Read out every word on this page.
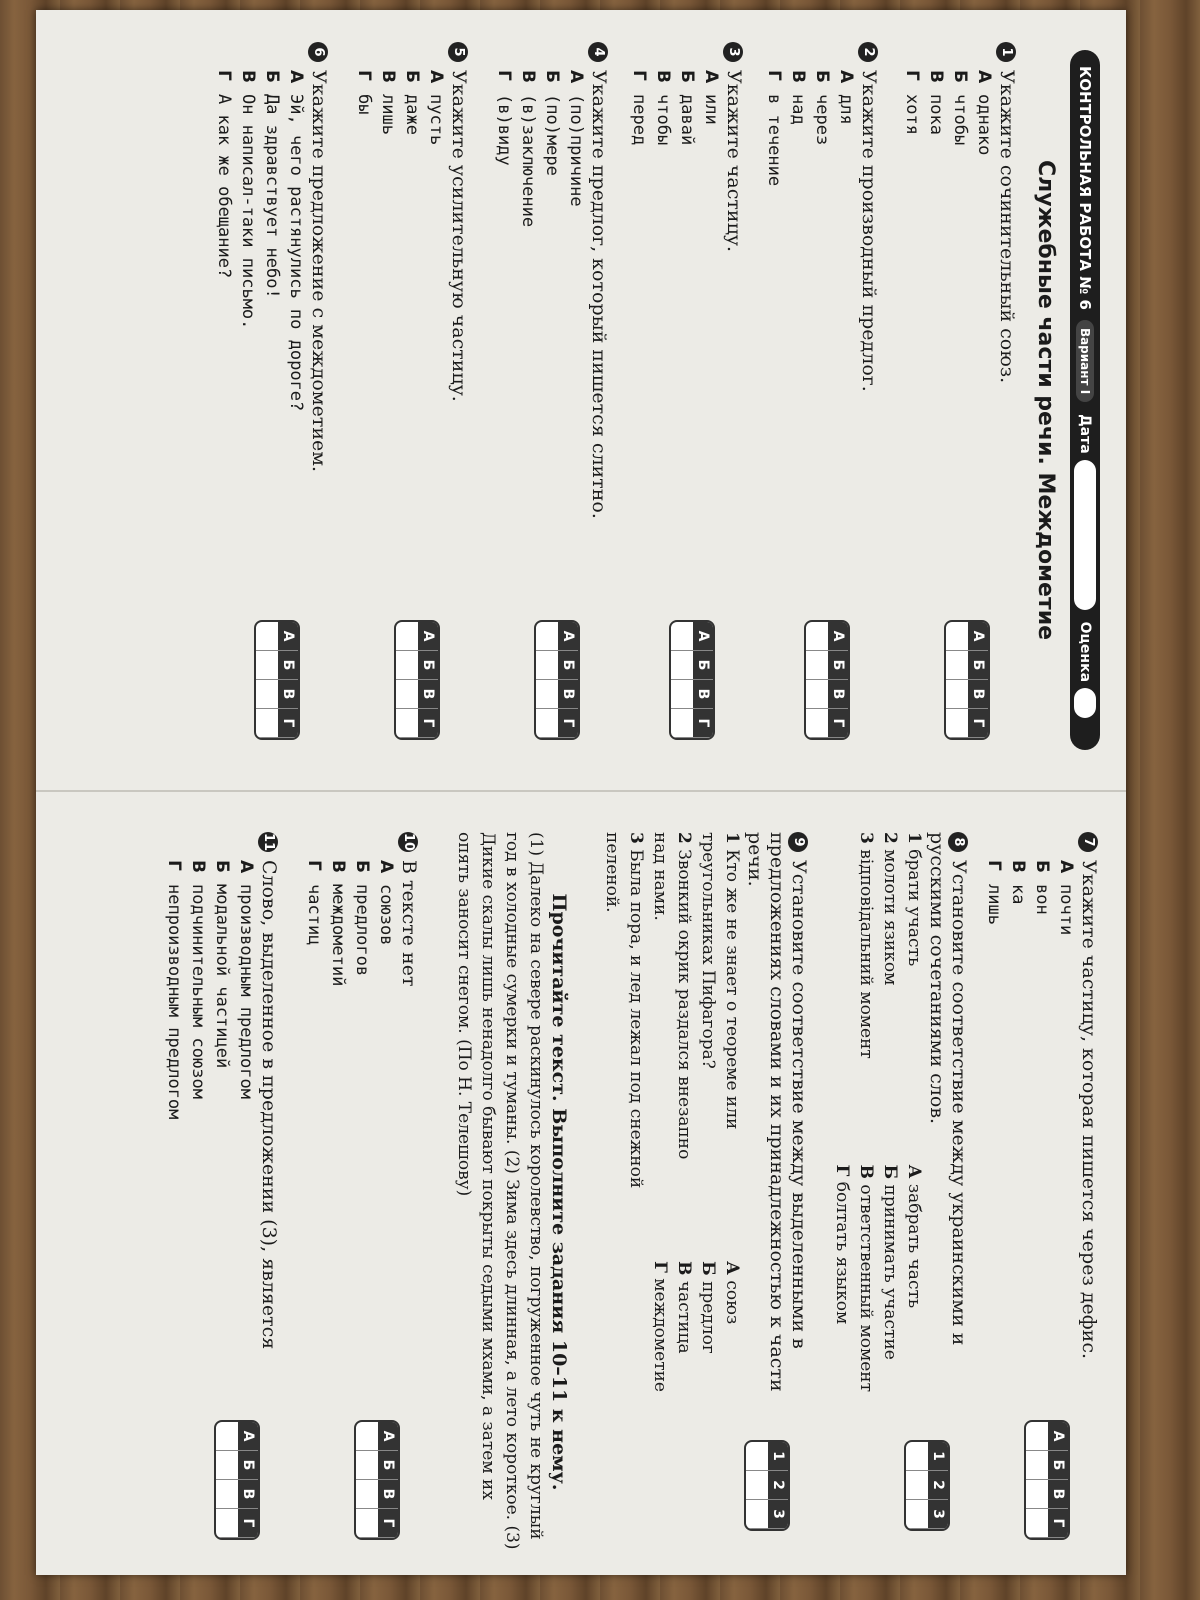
КОНТРОЛЬНАЯ РАБОТА № 6
Вариант I
Дата
Оценка
Служебные части речи. Междометие
1Укажите сочинительный союз.
Аоднако
Бчтобы
Впока
Гхотя
А
Б
В
Г
2Укажите производный предлог.
Адля
Бчерез
Внад
Гв течение
А
Б
В
Г
3Укажите частицу.
Аили
Бдавай
Вчтобы
Гперед
А
Б
В
Г
4Укажите предлог, который пишется слитно.
А(по)причине
Б(по)мере
В(в)заключение
Г(в)виду
А
Б
В
Г
5Укажите усилительную частицу.
Апусть
Бдаже
Влишь
Гбы
А
Б
В
Г
6Укажите предложение с междометием.
АЭй, чего растянулись по дороге?
БДа здравствует небо!
ВОн написал-таки письмо.
ГА как же обещание?
А
Б
В
Г
7Укажите частицу, которая пишется через дефис.
Апочти
Бвон
Вка
Глишь
А
Б
В
Г
8Установите соответствие между украинскими и русскими сочетаниями слов.
1 брати участь
2 молоти язиком
3 відповідальний момент
А забрать часть
Б принимать участие
В ответственный момент
Г болтать языком
1
2
3
9Установите соответствие между выделенными в предложениях словами и их принадлежностью к части речи.
1 Кто же не знает о теореме или треугольниках Пифагора?
2 Звонкий окрик раздался внезапно над нами.
3 Была пора, и лед лежал под снежной пеленой.
А союз
Б предлог
В частица
Г междометие
1
2
3
Прочитайте текст. Выполните задания 10–11 к нему.
(1) Далеко на севере раскинулось королевство, погруженное чуть не круглый год в холодные сумерки и туманы. (2) Зима здесь длинная, а лето короткое. (3) Дикие скалы лишь ненадолго бывают покрыты седыми мхами, а затем их опять заносит снегом. (По Н. Телешову)
10В тексте нет
Асоюзов
Бпредлогов
Вмеждометий
Гчастиц
А
Б
В
Г
11Слово, выделенное в предложении (3), является
Апроизводным предлогом
Бмодальной частицей
Вподчинительным союзом
Гнепроизводным предлогом
А
Б
В
Г
